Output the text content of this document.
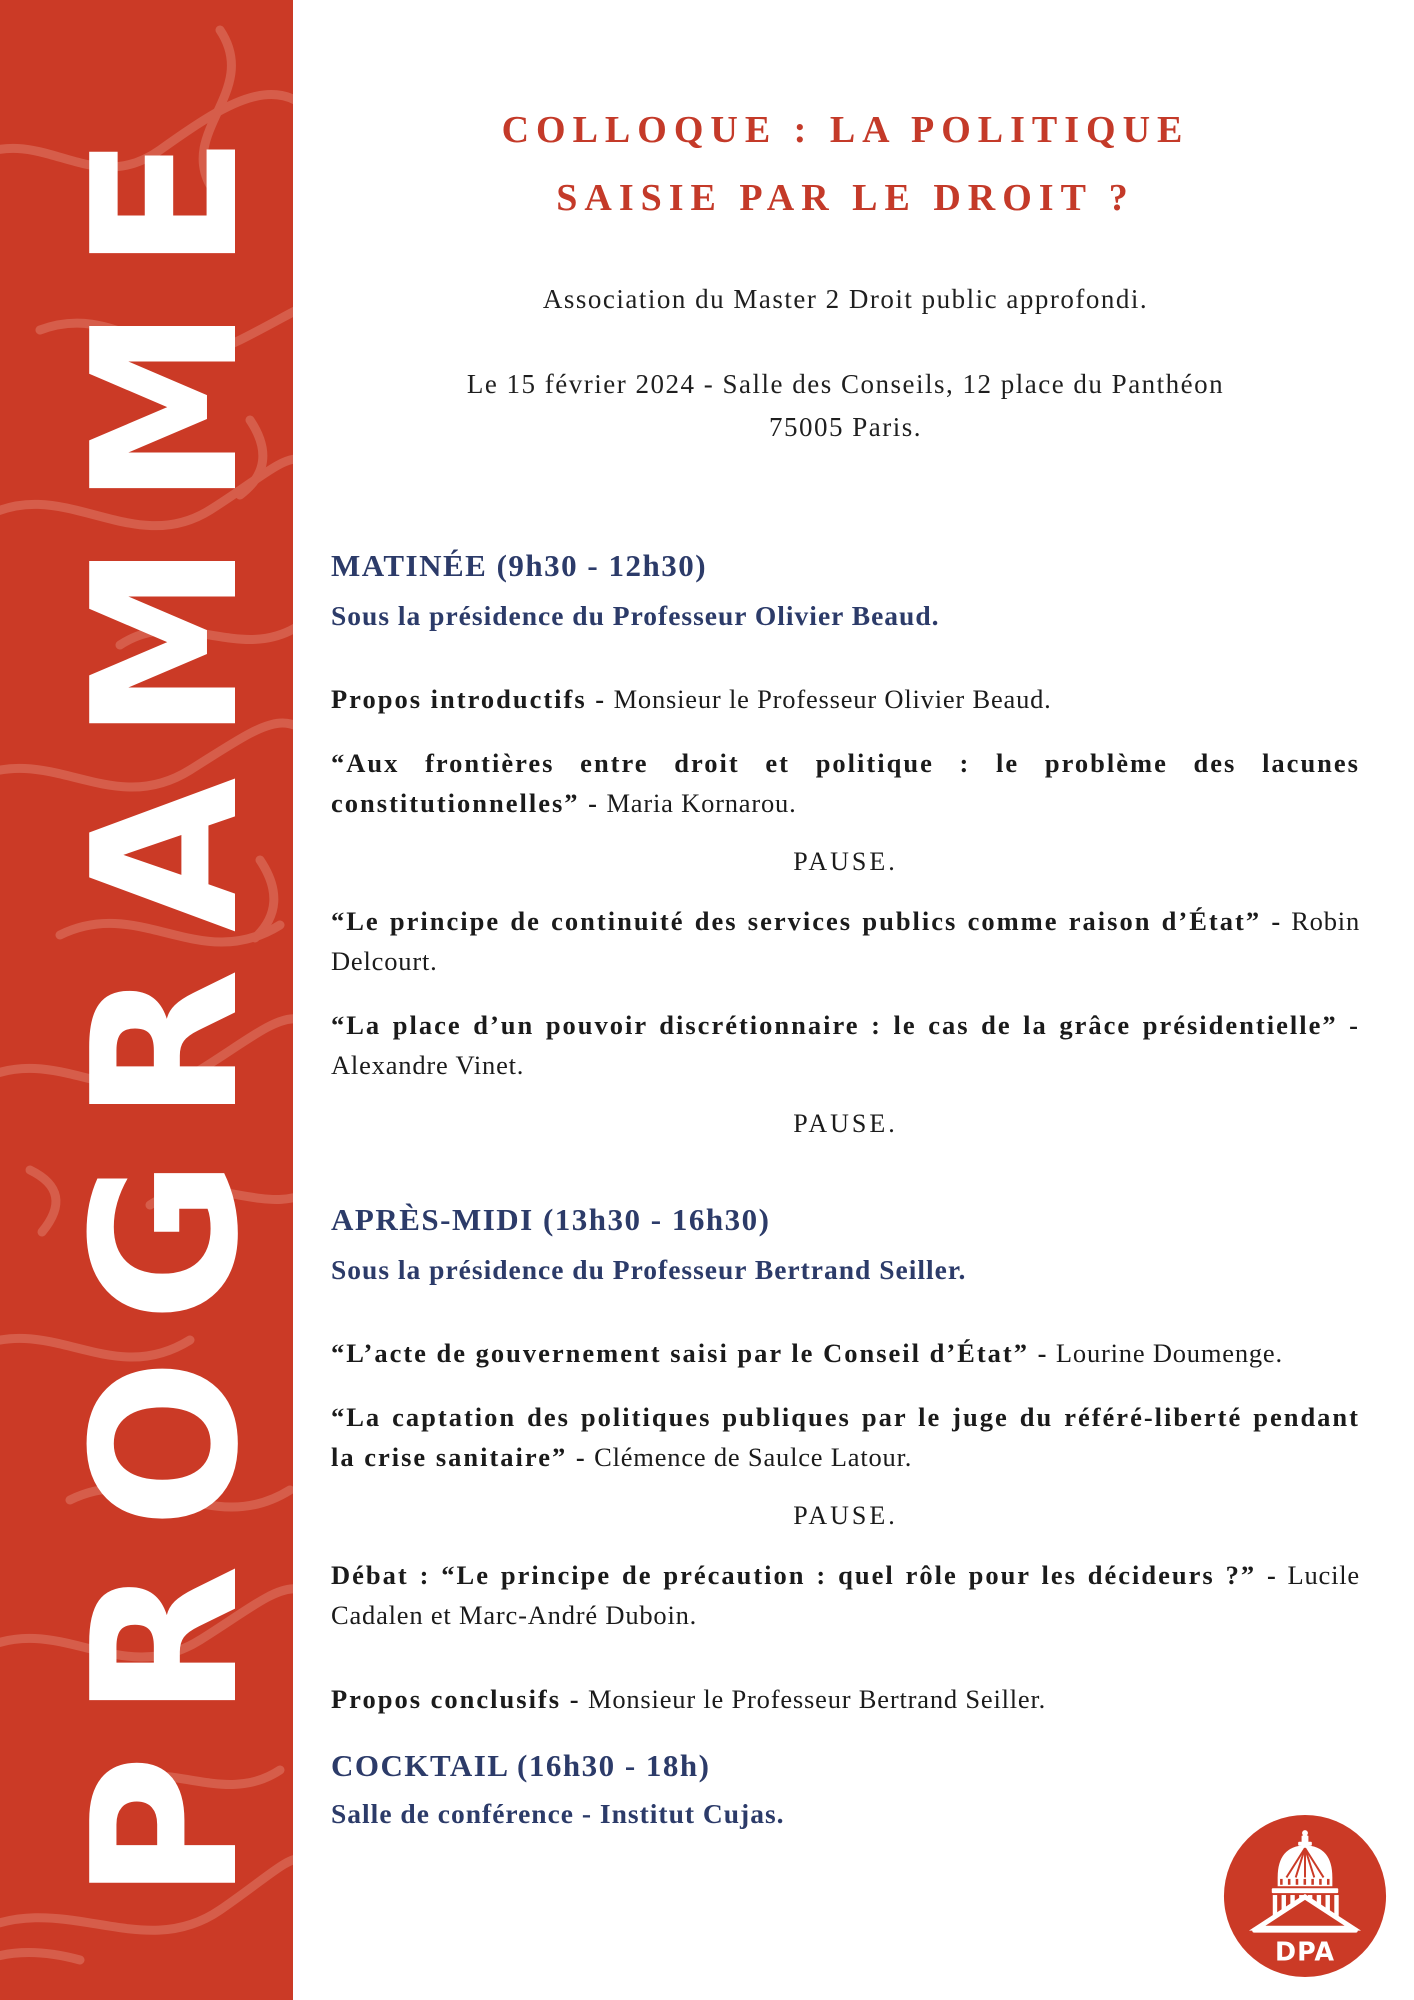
PROGRAMME	COLLOQUE : LA POLITIQUE
SAISIE PAR LE DROIT ?

Association du Master 2 Droit public approfondi.

Le 15 février 2024 - Salle des Conseils, 12 place du Panthéon
75005 Paris.

MATINÉE (9h30 - 12h30)
Sous la présidence du Professeur Olivier Beaud.

Propos introductifs - Monsieur le Professeur Olivier Beaud.

“Aux frontières entre droit et politique : le problème des lacunes constitutionnelles” - Maria Kornarou.

PAUSE.

“Le principe de continuité des services publics comme raison d’État” - Robin Delcourt.

“La place d’un pouvoir discrétionnaire : le cas de la grâce présidentielle” - Alexandre Vinet.

PAUSE.

APRÈS-MIDI (13h30 - 16h30)
Sous la présidence du Professeur Bertrand Seiller.

“L’acte de gouvernement saisi par le Conseil d’État” - Lourine Doumenge.

“La captation des politiques publiques par le juge du référé-liberté pendant la crise sanitaire” - Clémence de Saulce Latour.

PAUSE.

Débat : “Le principe de précaution : quel rôle pour les décideurs ?” - Lucile Cadalen et Marc-André Duboin.

Propos conclusifs - Monsieur le Professeur Bertrand Seiller.

COCKTAIL (16h30 - 18h)
Salle de conférence - Institut Cujas.
DPA
